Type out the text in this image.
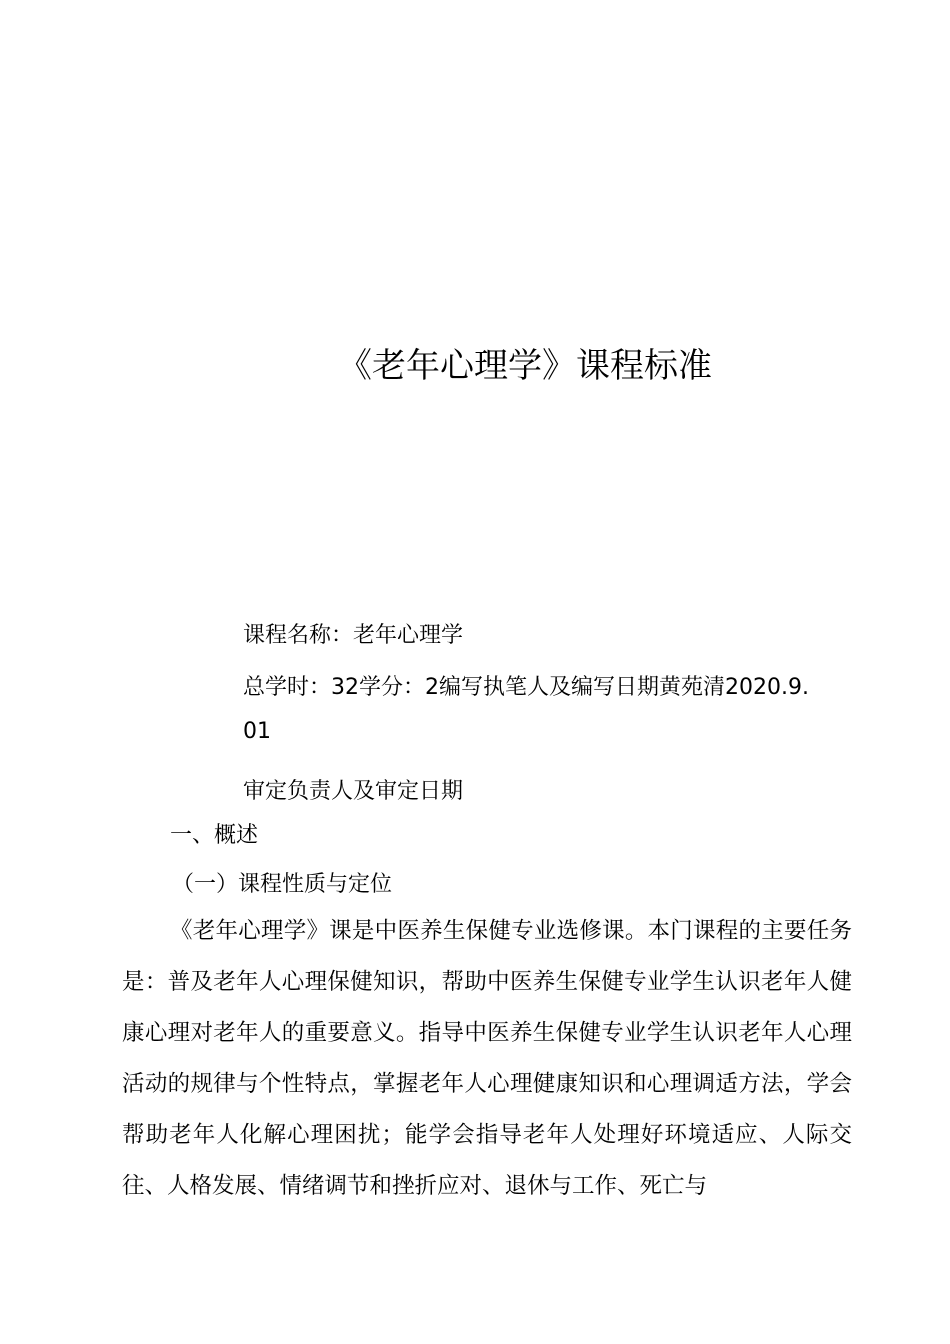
《老年心理学》课程标准
课程名称：老年心理学
总学时：32学分：2编写执笔人及编写日期黄苑清2020.9.
01
审定负责人及审定日期
一、概述
（一）课程性质与定位
《老年心理学》课是中医养生保健专业选修课。本门课程的主要任务是：普及老年人心理保健知识，帮助中医养生保健专业学生认识老年人健康心理对老年人的重要意义。指导中医养生保健专业学生认识老年人心理活动的规律与个性特点，掌握老年人心理健康知识和心理调适方法，学会帮助老年人化解心理困扰；能学会指导老年人处理好环境适应、人际交往、人格发展、情绪调节和挫折应对、退休与工作、死亡与
